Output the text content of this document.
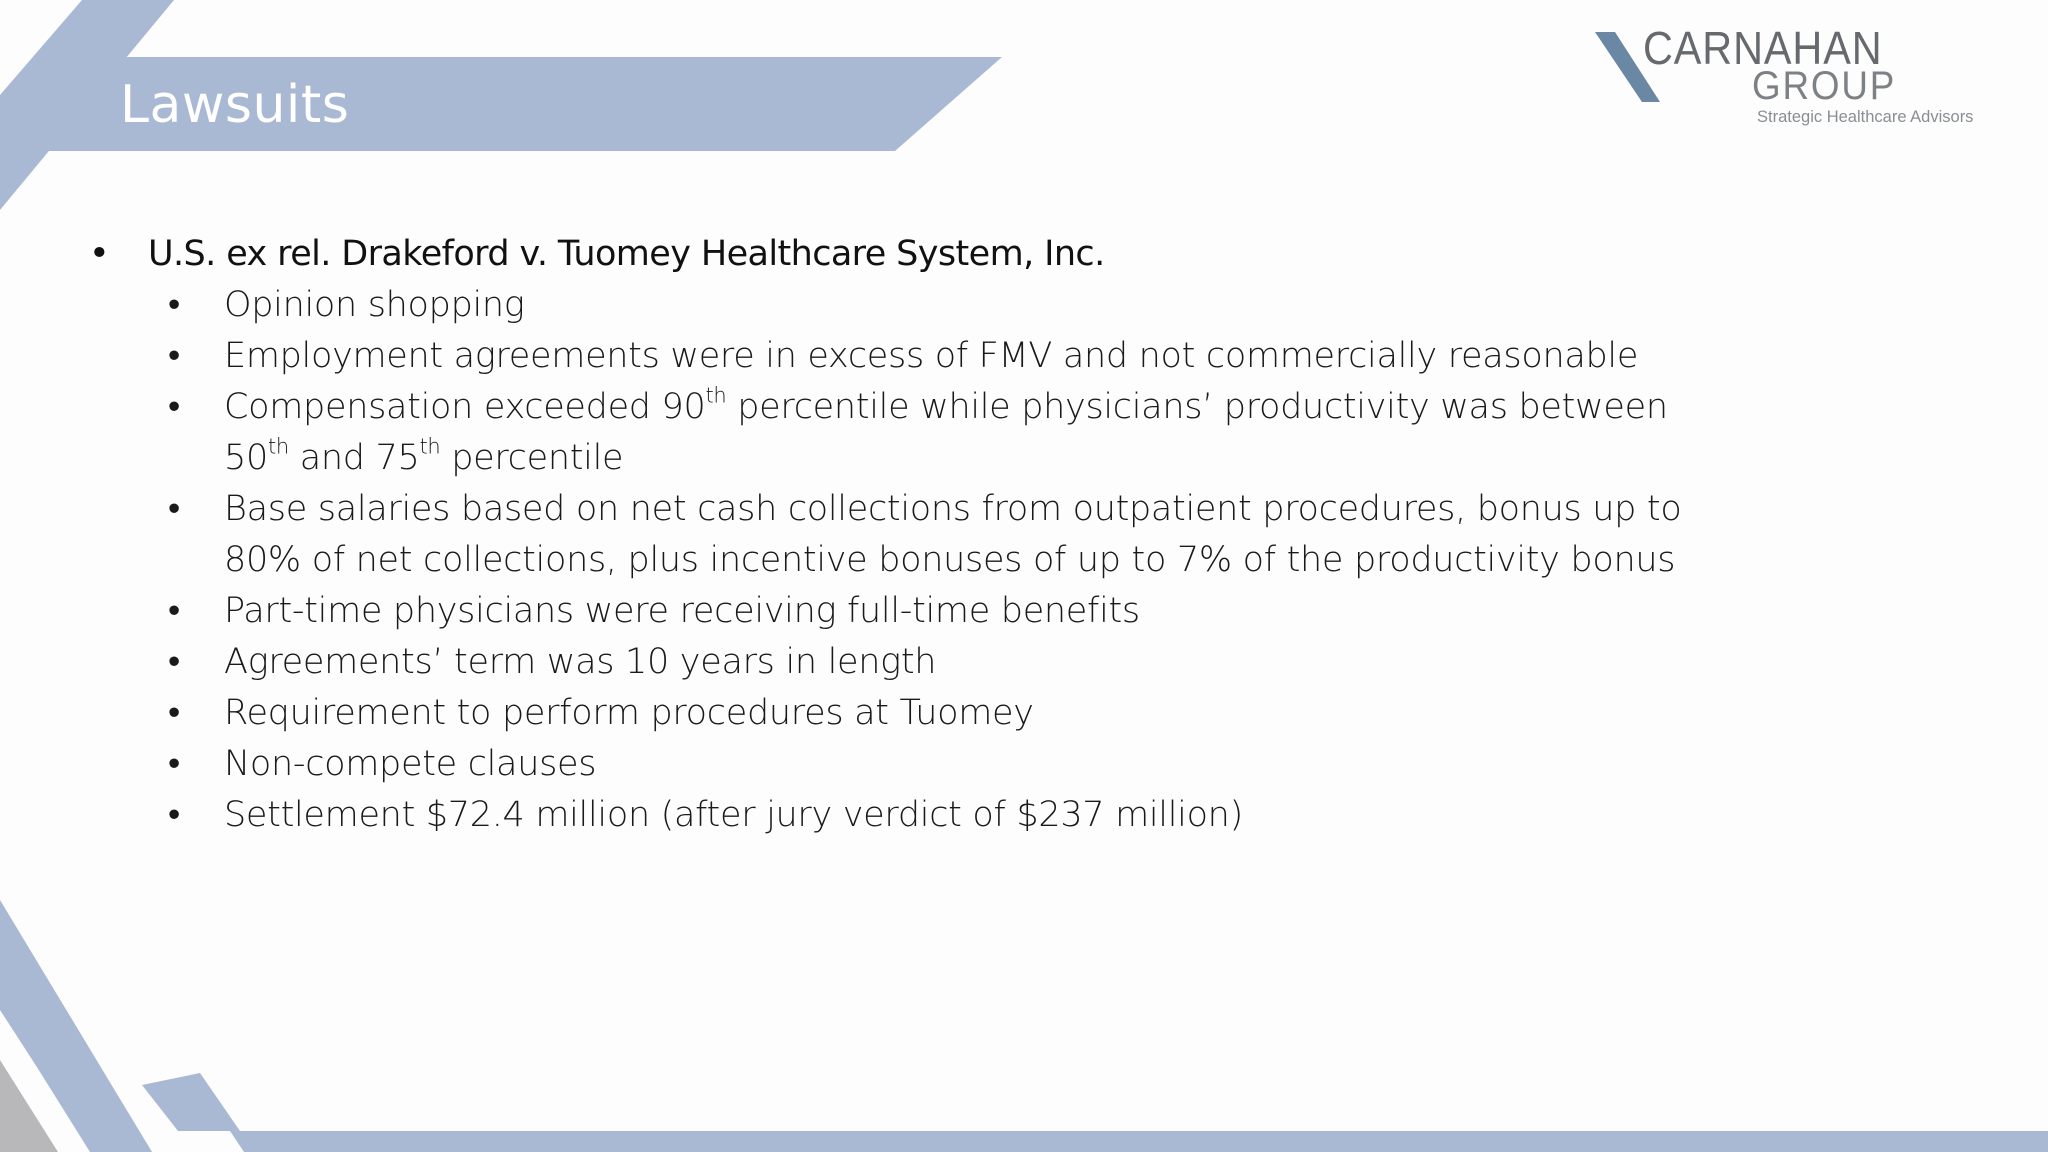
Lawsuits
CARNAHAN
GROUP
Strategic Healthcare Advisors
• U.S. ex rel. Drakeford v. Tuomey Healthcare System, Inc.
• Opinion shopping
• Employment agreements were in excess of FMV and not commercially reasonable
• Compensation exceeded 90th percentile while physicians’ productivity was between 50th and 75th percentile
• Base salaries based on net cash collections from outpatient procedures, bonus up to 80% of net collections, plus incentive bonuses of up to 7% of the productivity bonus
• Part-time physicians were receiving full-time benefits
• Agreements’ term was 10 years in length
• Requirement to perform procedures at Tuomey
• Non-compete clauses
• Settlement $72.4 million (after jury verdict of $237 million)
